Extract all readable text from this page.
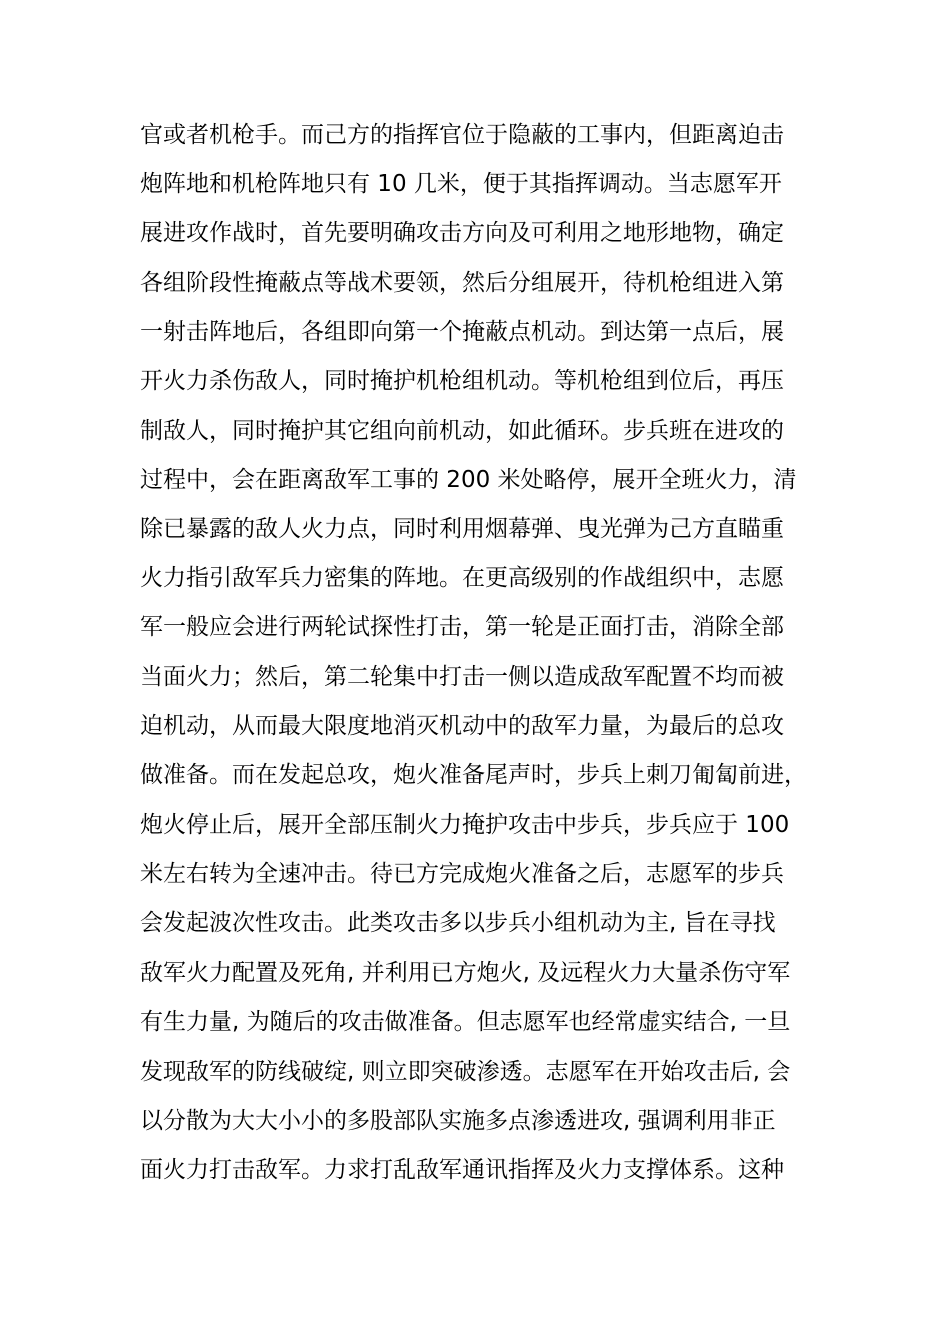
官或者机枪手。而己方的指挥官位于隐蔽的工事内，但距离迫击
炮阵地和机枪阵地只有 10 几米，便于其指挥调动。当志愿军开
展进攻作战时，首先要明确攻击方向及可利用之地形地物，确定
各组阶段性掩蔽点等战术要领，然后分组展开，待机枪组进入第
一射击阵地后，各组即向第一个掩蔽点机动。到达第一点后，展
开火力杀伤敌人，同时掩护机枪组机动。等机枪组到位后，再压
制敌人，同时掩护其它组向前机动，如此循环。步兵班在进攻的
过程中，会在距离敌军工事的 200 米处略停，展开全班火力，清
除已暴露的敌人火力点，同时利用烟幕弹、曳光弹为己方直瞄重
火力指引敌军兵力密集的阵地。在更高级别的作战组织中，志愿
军一般应会进行两轮试探性打击，第一轮是正面打击，消除全部
当面火力；然后，第二轮集中打击一侧以造成敌军配置不均而被
迫机动，从而最大限度地消灭机动中的敌军力量，为最后的总攻
做准备。而在发起总攻，炮火准备尾声时，步兵上刺刀匍匐前进，
炮火停止后，展开全部压制火力掩护攻击中步兵，步兵应于 100
米左右转为全速冲击。待已方完成炮火准备之后，志愿军的步兵
会发起波次性攻击。此类攻击多以步兵小组机动为主, 旨在寻找
敌军火力配置及死角, 并利用已方炮火, 及远程火力大量杀伤守军
有生力量, 为随后的攻击做准备。但志愿军也经常虚实结合, 一旦
发现敌军的防线破绽, 则立即突破渗透。志愿军在开始攻击后, 会
以分散为大大小小的多股部队实施多点渗透进攻, 强调利用非正
面火力打击敌军。力求打乱敌军通讯指挥及火力支撑体系。这种
